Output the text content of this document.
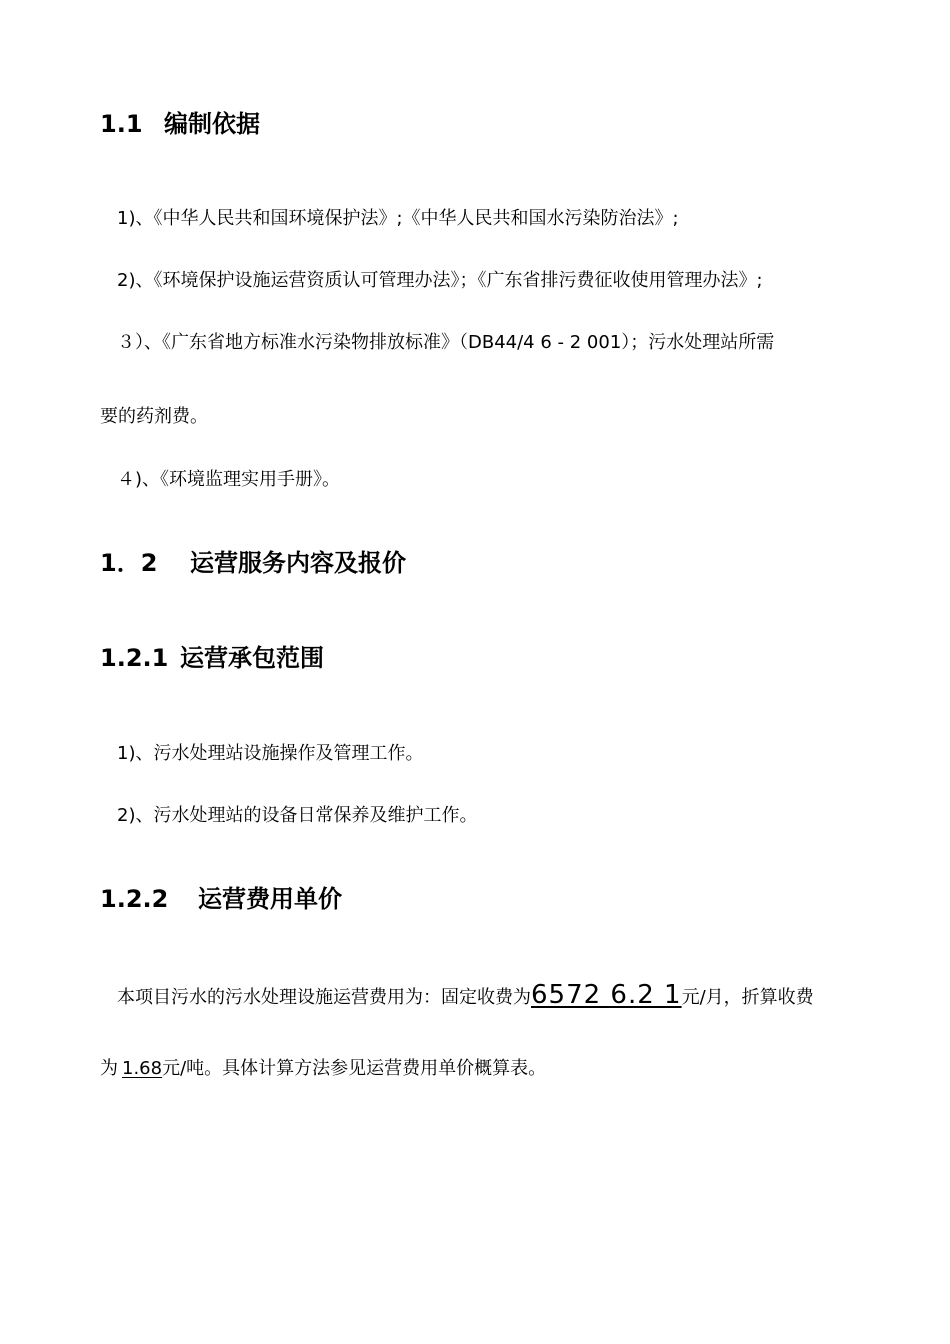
1.1 编制依据
1)、《中华人民共和国环境保护法》;《中华人民共和国水污染防治法》;
2)、《环境保护设施运营资质认可管理办法》；《广东省排污费征收使用管理办法》;
３）、《广东省地方标准水污染物排放标准》（DB44/4 6 - 2 001）；污水处理站所需
要的药剂费。
４)、《环境监理实用手册》。
1．2 运营服务内容及报价
1.2.1 运营承包范围
1)、污水处理站设施操作及管理工作。
2)、污水处理站的设备日常保养及维护工作。
1.2.2 运营费用单价
本项目污水的污水处理设施运营费用为：固定收费为6572 6.2 1元/月，折算收费
为 1.68元/吨。具体计算方法参见运营费用单价概算表。
